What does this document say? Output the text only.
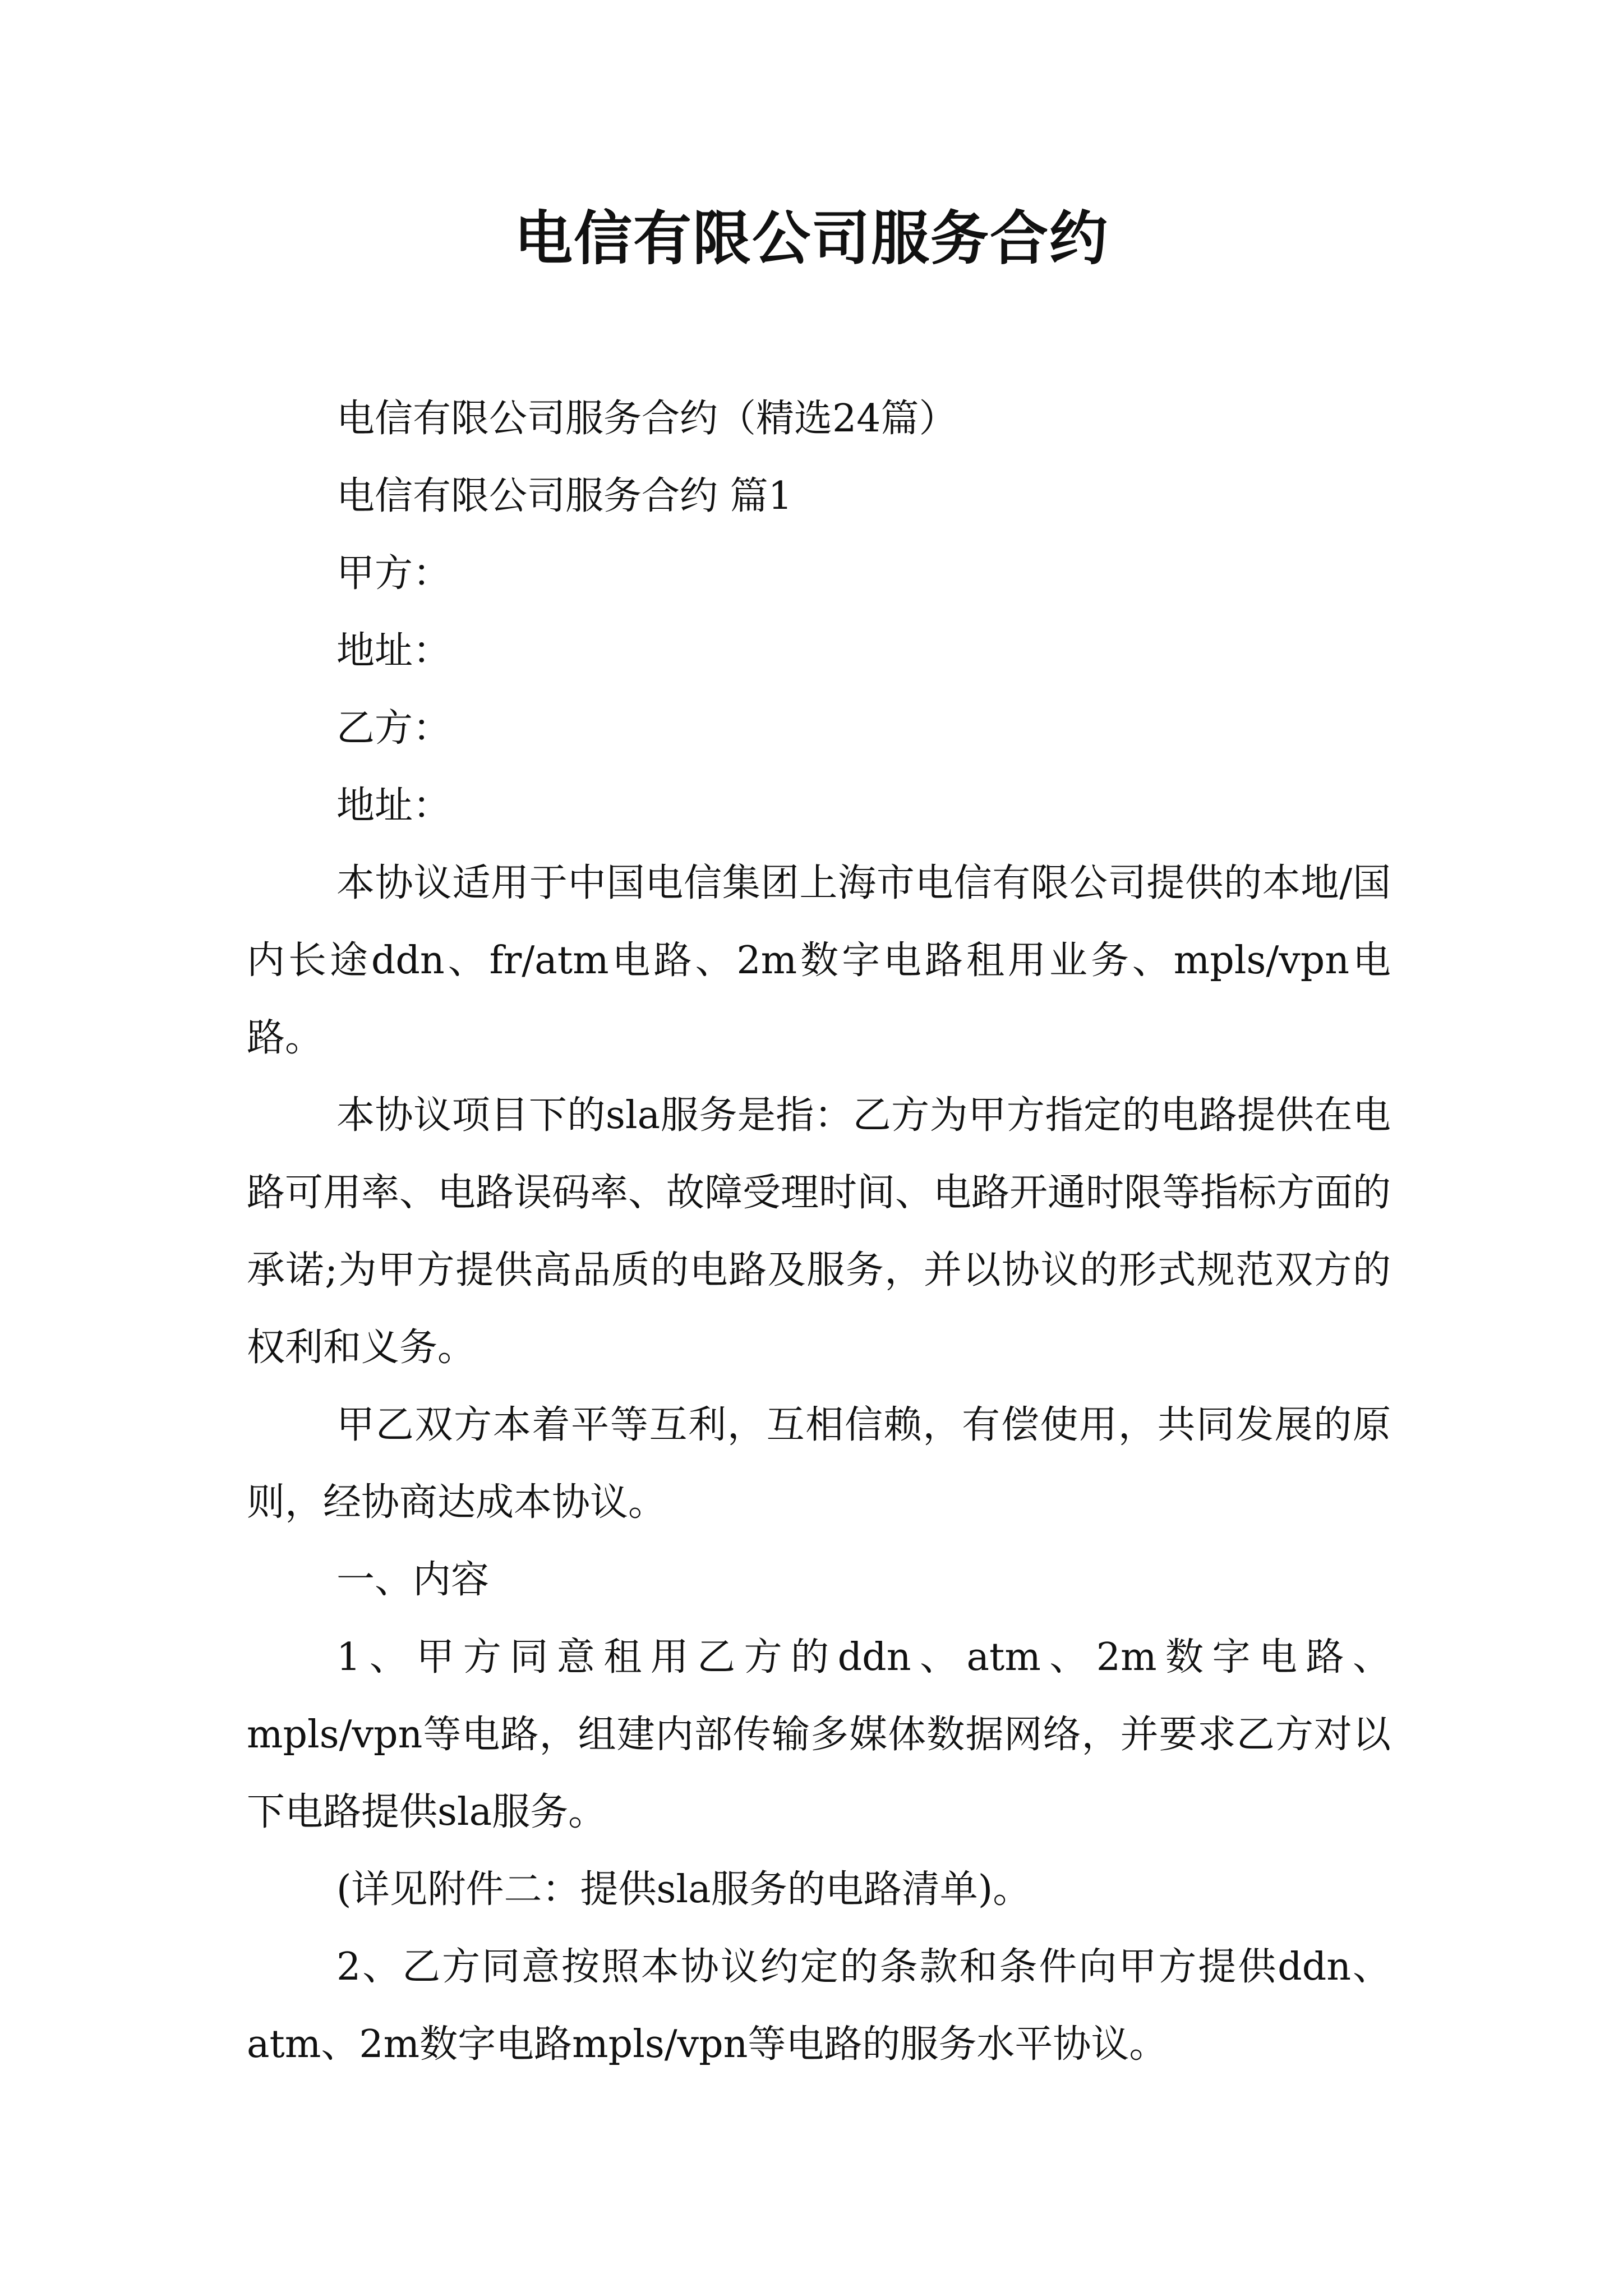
电信有限公司服务合约

电信有限公司服务合约（精选24篇）

电信有限公司服务合约 篇1

甲方：

地址：

乙方：

地址：

本协议适用于中国电信集团上海市电信有限公司提供的本地/国内长途ddn、fr/atm电路、2m数字电路租用业务、mpls/vpn电路。

本协议项目下的sla服务是指：乙方为甲方指定的电路提供在电路可用率、电路误码率、故障受理时间、电路开通时限等指标方面的承诺;为甲方提供高品质的电路及服务，并以协议的形式规范双方的权利和义务。

甲乙双方本着平等互利，互相信赖，有偿使用，共同发展的原则，经协商达成本协议。

一、内容

1、甲方同意租用乙方的ddn、atm、2m数字电路、mpls/vpn等电路，组建内部传输多媒体数据网络，并要求乙方对以下电路提供sla服务。

(详见附件二：提供sla服务的电路清单)。

2、乙方同意按照本协议约定的条款和条件向甲方提供ddn、atm、2m数字电路mpls/vpn等电路的服务水平协议。
